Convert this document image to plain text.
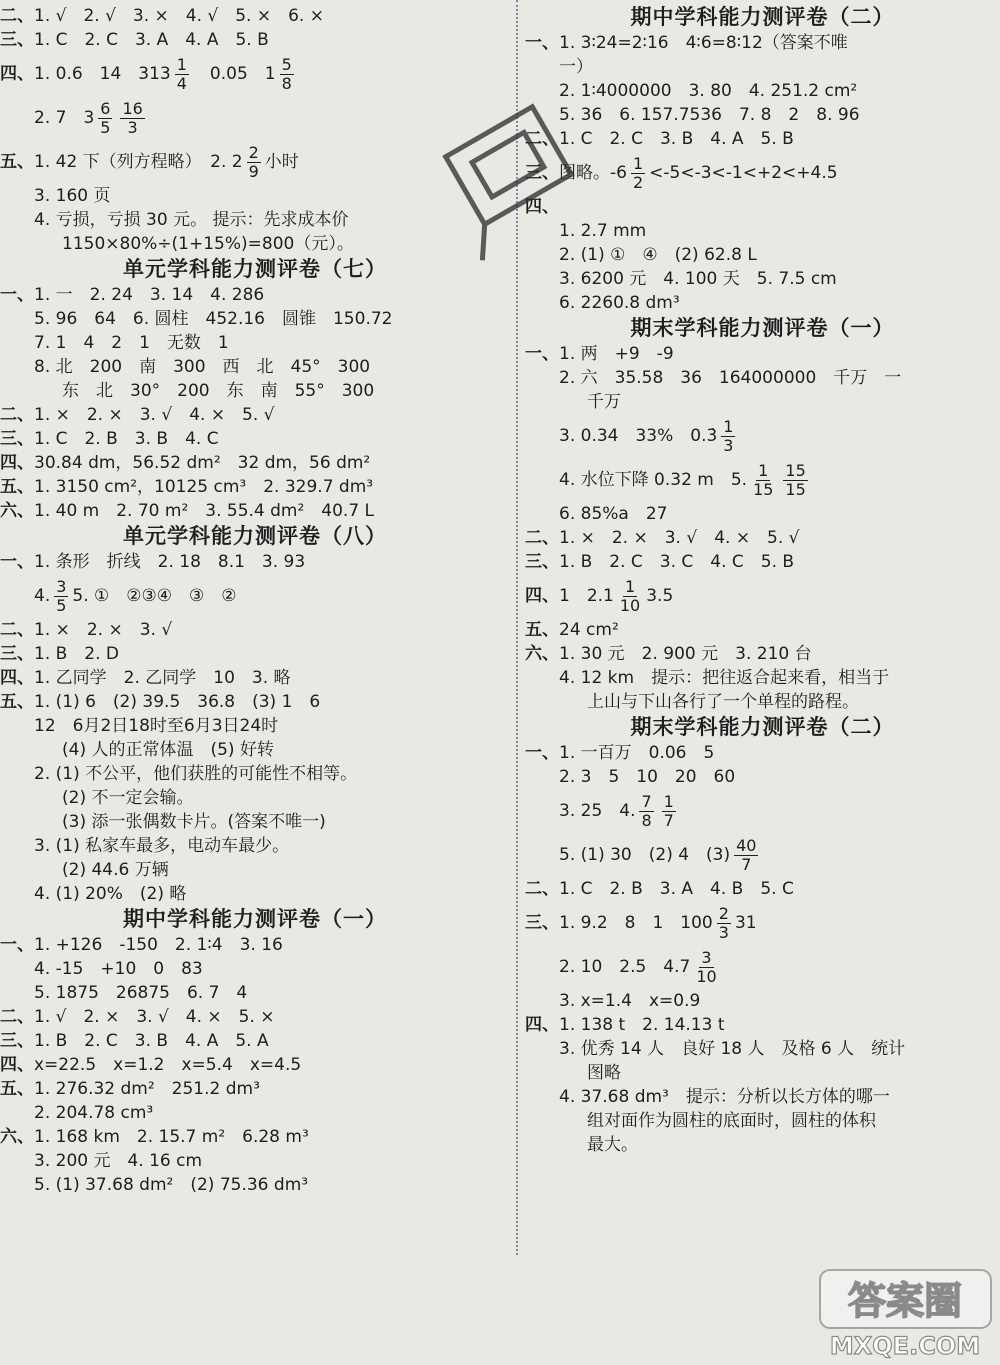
二、 1. √　2. √　3. ×　4. √　5. ×　6. ×
三、 1. C　2. C　3. A　4. A　5. B
四、 1. 0.6　14　$313 \frac{1}{4}$ 　0.05　$1 \frac{5}{8}$
2. 7　$3 \frac{6}{5} \frac{16}{3}$
五、 1. 42 下（列方程略）　2. $2 \frac{2}{9}$ 小时
3. 160 页
4. 亏损，亏损 30 元。 提示：先求成本价
1150×80%÷(1+15%)=800（元）。
单元学科能力测评卷（七）
一、 1. 一　2. 24　3. 14　4. 286
5. 96　64　6. 圆柱　452.16　圆锥　150.72
7. 1　4　2　1　无数　1
8. 北　200　南　300　西　北　45°　300
东　北　30°　200　东　南　55°　300
二、 1. ×　2. ×　3. √　4. ×　5. √
三、 1. C　2. B　3. B　4. C
四、 30.84 dm，56.52 dm²　32 dm，56 dm²
五、 1. 3150 cm²，10125 cm³　2. 329.7 dm³
六、 1. 40 m　2. 70 m²　3. 55.4 dm²　40.7 L
单元学科能力测评卷（八）
一、 1. 条形　折线　2. 18　8.1　3. 93
4. $\frac{3}{5} 5$. ①　②③④　③　②
二、 1. ×　2. ×　3. √
三、 1. B　2. D
四、 1. 乙同学　2. 乙同学　10　3. 略
五、 1. (1) 6　(2) 39.5　36.8　(3) 1　6
12　6月2日18时至6月3日24时
(4) 人的正常体温　(5) 好转
2. (1) 不公平，他们获胜的可能性不相等。
(2) 不一定会输。
(3) 添一张偶数卡片。(答案不唯一)
3. (1) 私家车最多，电动车最少。
(2) 44.6 万辆
4. (1) 20%　(2) 略
期中学科能力测评卷（一）
一、 1. +126　-150　2. 1∶4　3. 16
4. -15　+10　0　83
5. 1875　26875　6. 7　4
二、 1. √　2. ×　3. √　4. ×　5. ×
三、 1. B　2. C　3. B　4. A　5. A
四、 x=22.5　x=1.2　x=5.4　x=4.5
五、 1. 276.32 dm²　251.2 dm³
2. 204.78 cm³
六、 1. 168 km　2. 15.7 m²　6.28 m³
3. 200 元　4. 16 cm
5. (1) 37.68 dm²　(2) 75.36 dm³
期中学科能力测评卷（二）
一、 1. 3∶24=2∶16　4∶6=8∶12（答案不唯
一）
2. 1∶4000000　3. 80　4. 251.2 cm²
5. 36　6. 157.7536　7. 8　2　8. 96
二、 1. C　2. C　3. B　4. A　5. B
三、 图略。$-6 \frac{1}{2} <-5<-3<-1<+2<+4.5$
四、
1. 2.7 mm
2. (1) ①　④　(2) 62.8 L
3. 6200 元　4. 100 天　5. 7.5 cm
6. 2260.8 dm³
期末学科能力测评卷（一）
一、 1. 两　+9　-9
2. 六　35.58　36　164000000　千万　一
千万
3. 0.34　33%　0.3̇ $\frac{1}{3}$
4. 水位下降 0.32 m　5. $\frac{1}{15} \frac{15}{15}$
6. 85%a　27
二、 1. ×　2. ×　3. √　4. ×　5. √
三、 1. B　2. C　3. C　4. C　5. B
四、 1　$2.1 \frac{1}{10} 3.5$
五、 24 cm²
六、 1. 30 元　2. 900 元　3. 210 台
4. 12 km　提示：把往返合起来看，相当于
上山与下山各行了一个单程的路程。
期末学科能力测评卷（二）
一、 1. 一百万　0.06　5
2. 3　5　10　20　60
3. 25　4. $\frac{7}{8} \frac{1}{7}$
5. (1) 30　(2) 4　$(3) \frac{40}{7}$
二、 1. C　2. B　3. A　4. B　5. C
三、 1. 9.2　8　1　$100 \frac{2}{3} 31$
2. 10　2.5　$4.7 \frac{3}{10}$
3. x=1.4　x=0.9
四、 1. 138 t　2. 14.13 t
3. 优秀 14 人　良好 18 人　及格 6 人　统计
图略
4. 37.68 dm³　提示：分析以长方体的哪一
组对面作为圆柱的底面时，圆柱的体积
最大。
答案圈
MXQE.COM
